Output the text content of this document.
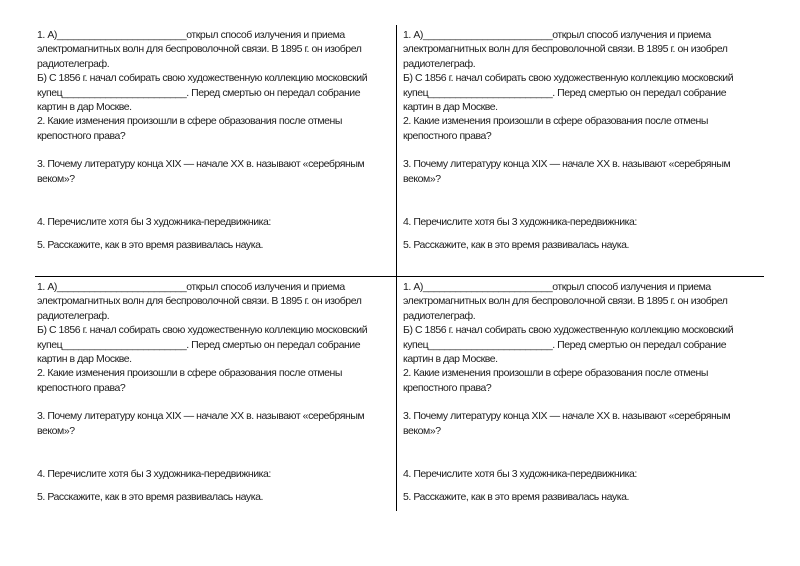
1. А)________________________открыл способ излучения и приема
электромагнитных волн для беспроволочной связи. В 1895 г. он изобрел
радиотелеграф.
Б) С 1856 г. начал собирать свою художественную коллекцию московский
купец_______________________. Перед смертью он передал собрание
картин в дар Москве.
2. Какие изменения произошли в сфере образования после отмены
крепостного права?
3. Почему литературу конца XIX — начале XX в. называют «серебряным
веком»?
4. Перечислите хотя бы 3 художника-передвижника:
5. Расскажите, как в это время развивалась наука.
1. А)________________________открыл способ излучения и приема
электромагнитных волн для беспроволочной связи. В 1895 г. он изобрел
радиотелеграф.
Б) С 1856 г. начал собирать свою художественную коллекцию московский
купец_______________________. Перед смертью он передал собрание
картин в дар Москве.
2. Какие изменения произошли в сфере образования после отмены
крепостного права?
3. Почему литературу конца XIX — начале XX в. называют «серебряным
веком»?
4. Перечислите хотя бы 3 художника-передвижника:
5. Расскажите, как в это время развивалась наука.
1. А)________________________открыл способ излучения и приема
электромагнитных волн для беспроволочной связи. В 1895 г. он изобрел
радиотелеграф.
Б) С 1856 г. начал собирать свою художественную коллекцию московский
купец_______________________. Перед смертью он передал собрание
картин в дар Москве.
2. Какие изменения произошли в сфере образования после отмены
крепостного права?
3. Почему литературу конца XIX — начале XX в. называют «серебряным
веком»?
4. Перечислите хотя бы 3 художника-передвижника:
5. Расскажите, как в это время развивалась наука.
1. А)________________________открыл способ излучения и приема
электромагнитных волн для беспроволочной связи. В 1895 г. он изобрел
радиотелеграф.
Б) С 1856 г. начал собирать свою художественную коллекцию московский
купец_______________________. Перед смертью он передал собрание
картин в дар Москве.
2. Какие изменения произошли в сфере образования после отмены
крепостного права?
3. Почему литературу конца XIX — начале XX в. называют «серебряным
веком»?
4. Перечислите хотя бы 3 художника-передвижника:
5. Расскажите, как в это время развивалась наука.
